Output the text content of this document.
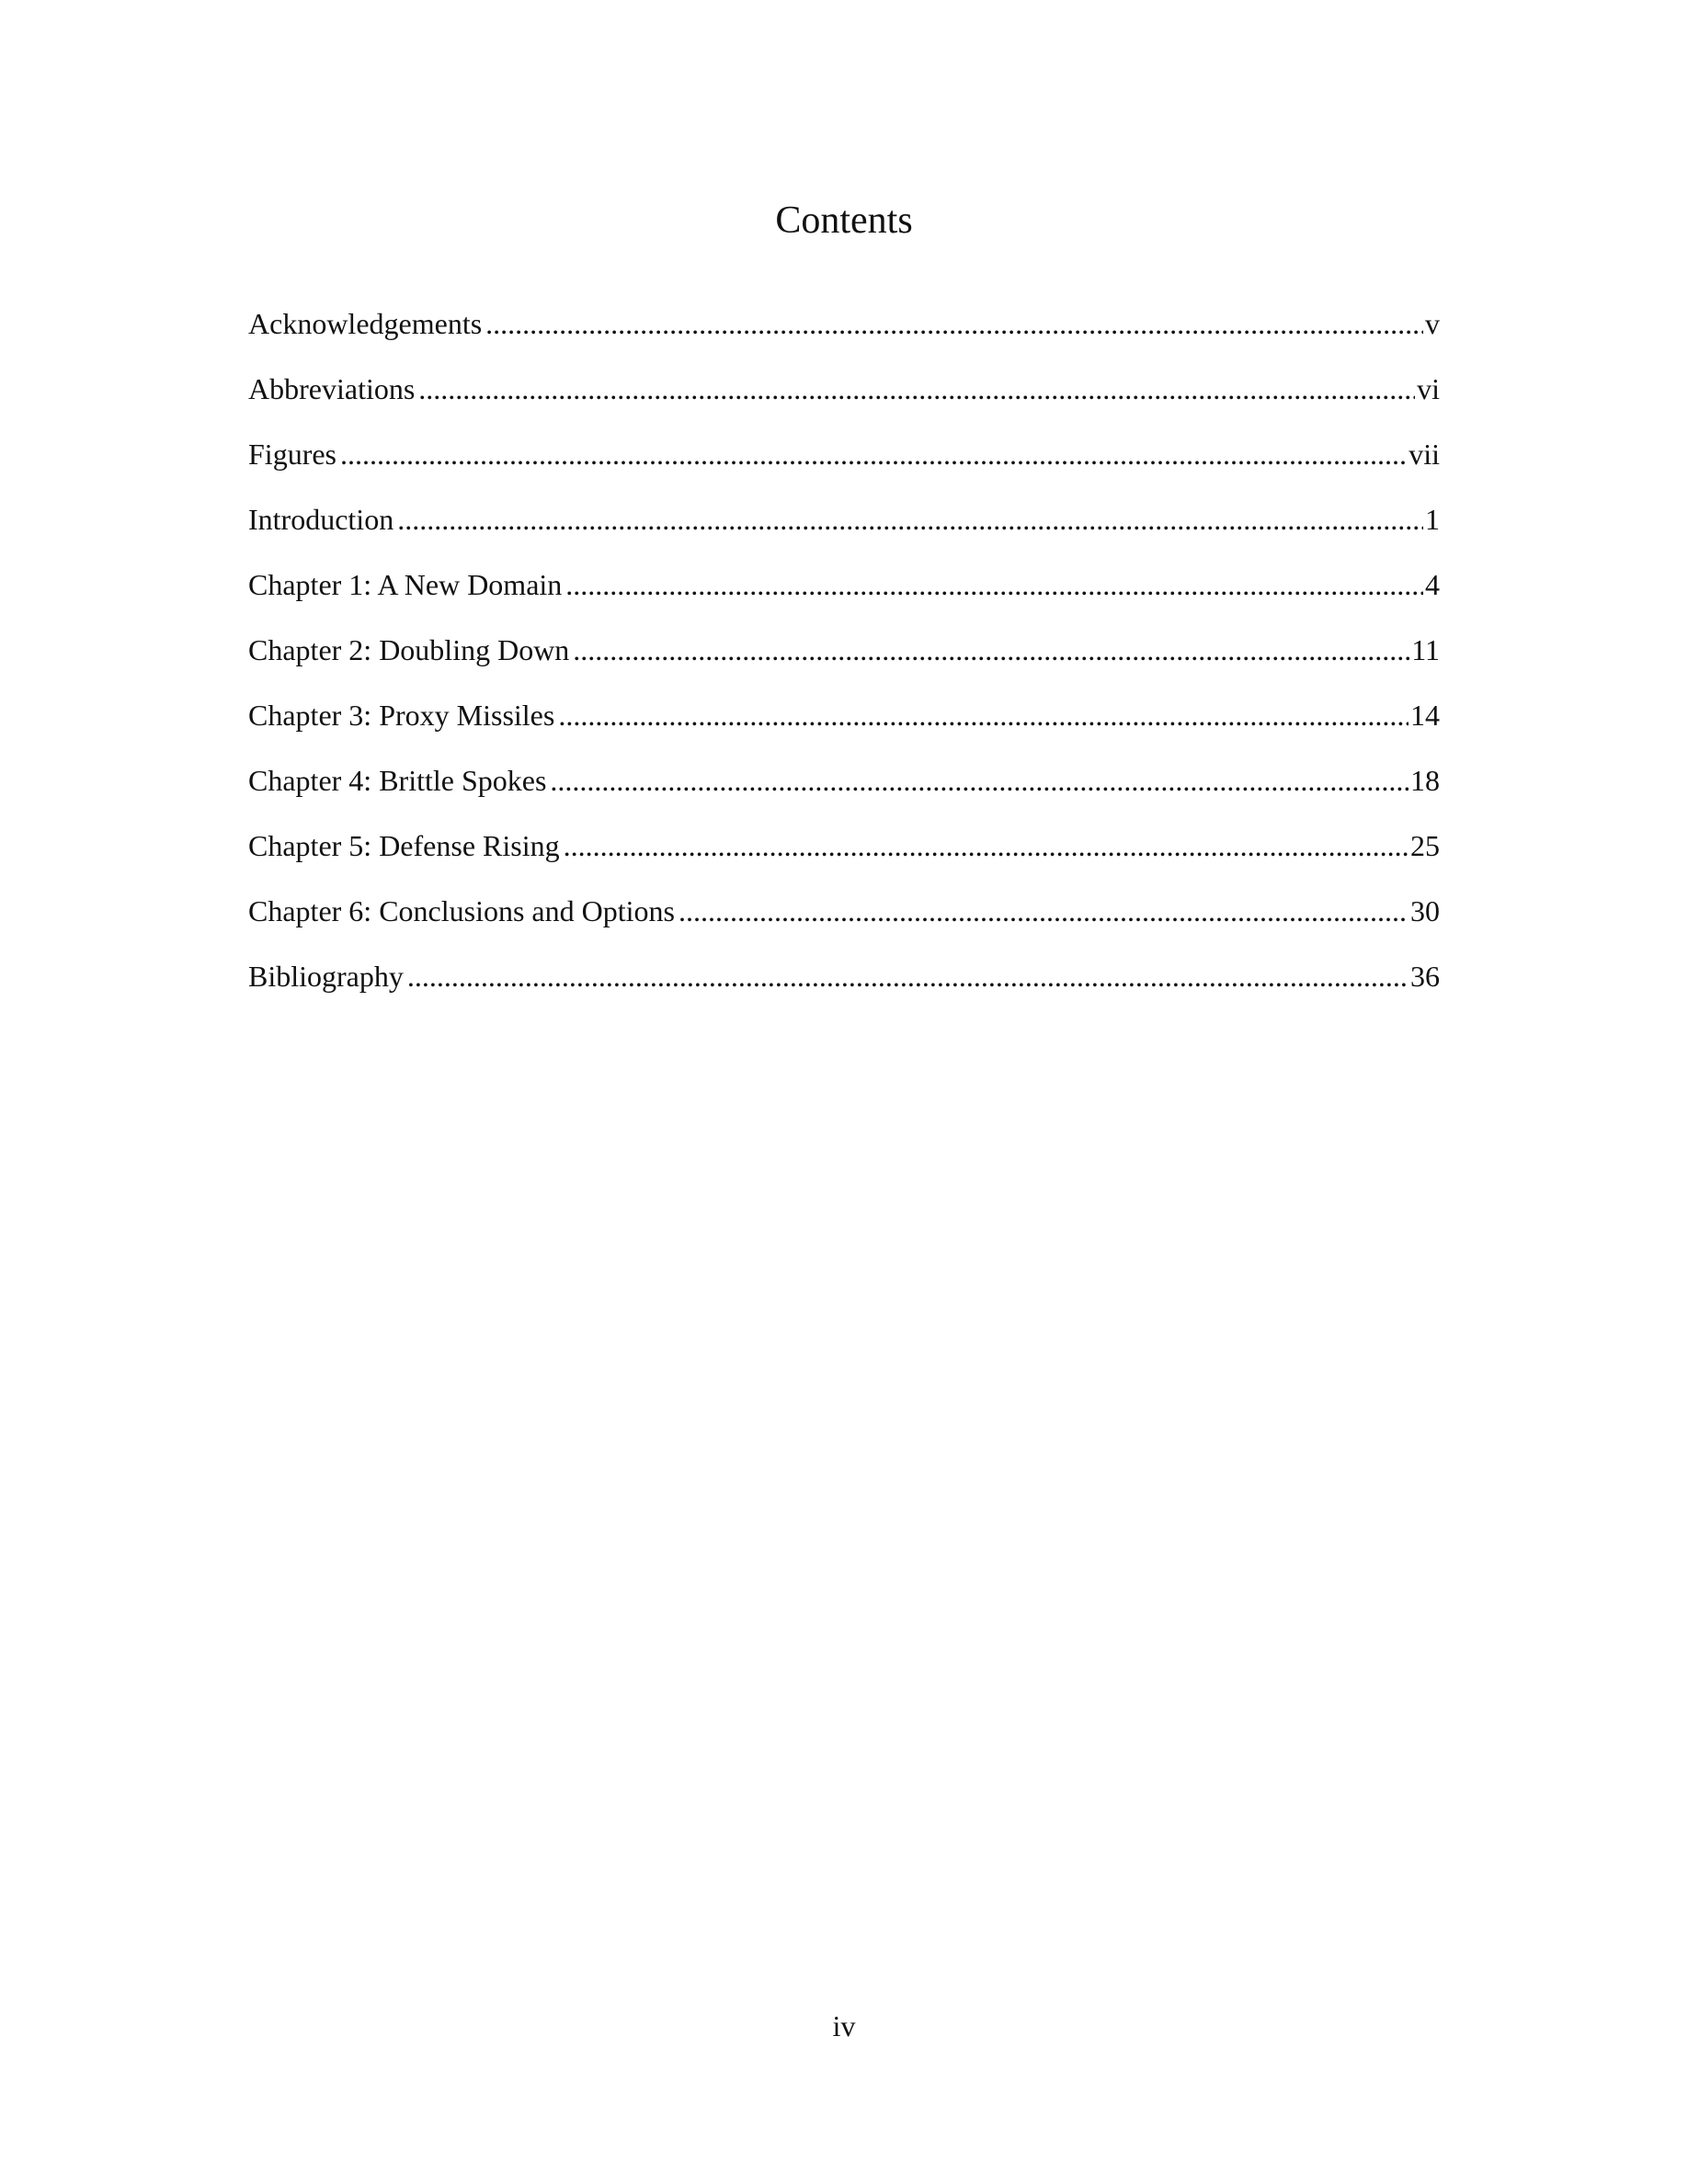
Contents
Acknowledgements . . .	v
Abbreviations . . .	vi
Figures . . .	vii
Introduction . . .	1
Chapter 1: A New Domain . . .	4
Chapter 2: Doubling Down . . .	11
Chapter 3: Proxy Missiles . . .	14
Chapter 4: Brittle Spokes . . .	18
Chapter 5: Defense Rising . . .	25
Chapter 6: Conclusions and Options . . .	30
Bibliography . . .	36
iv
